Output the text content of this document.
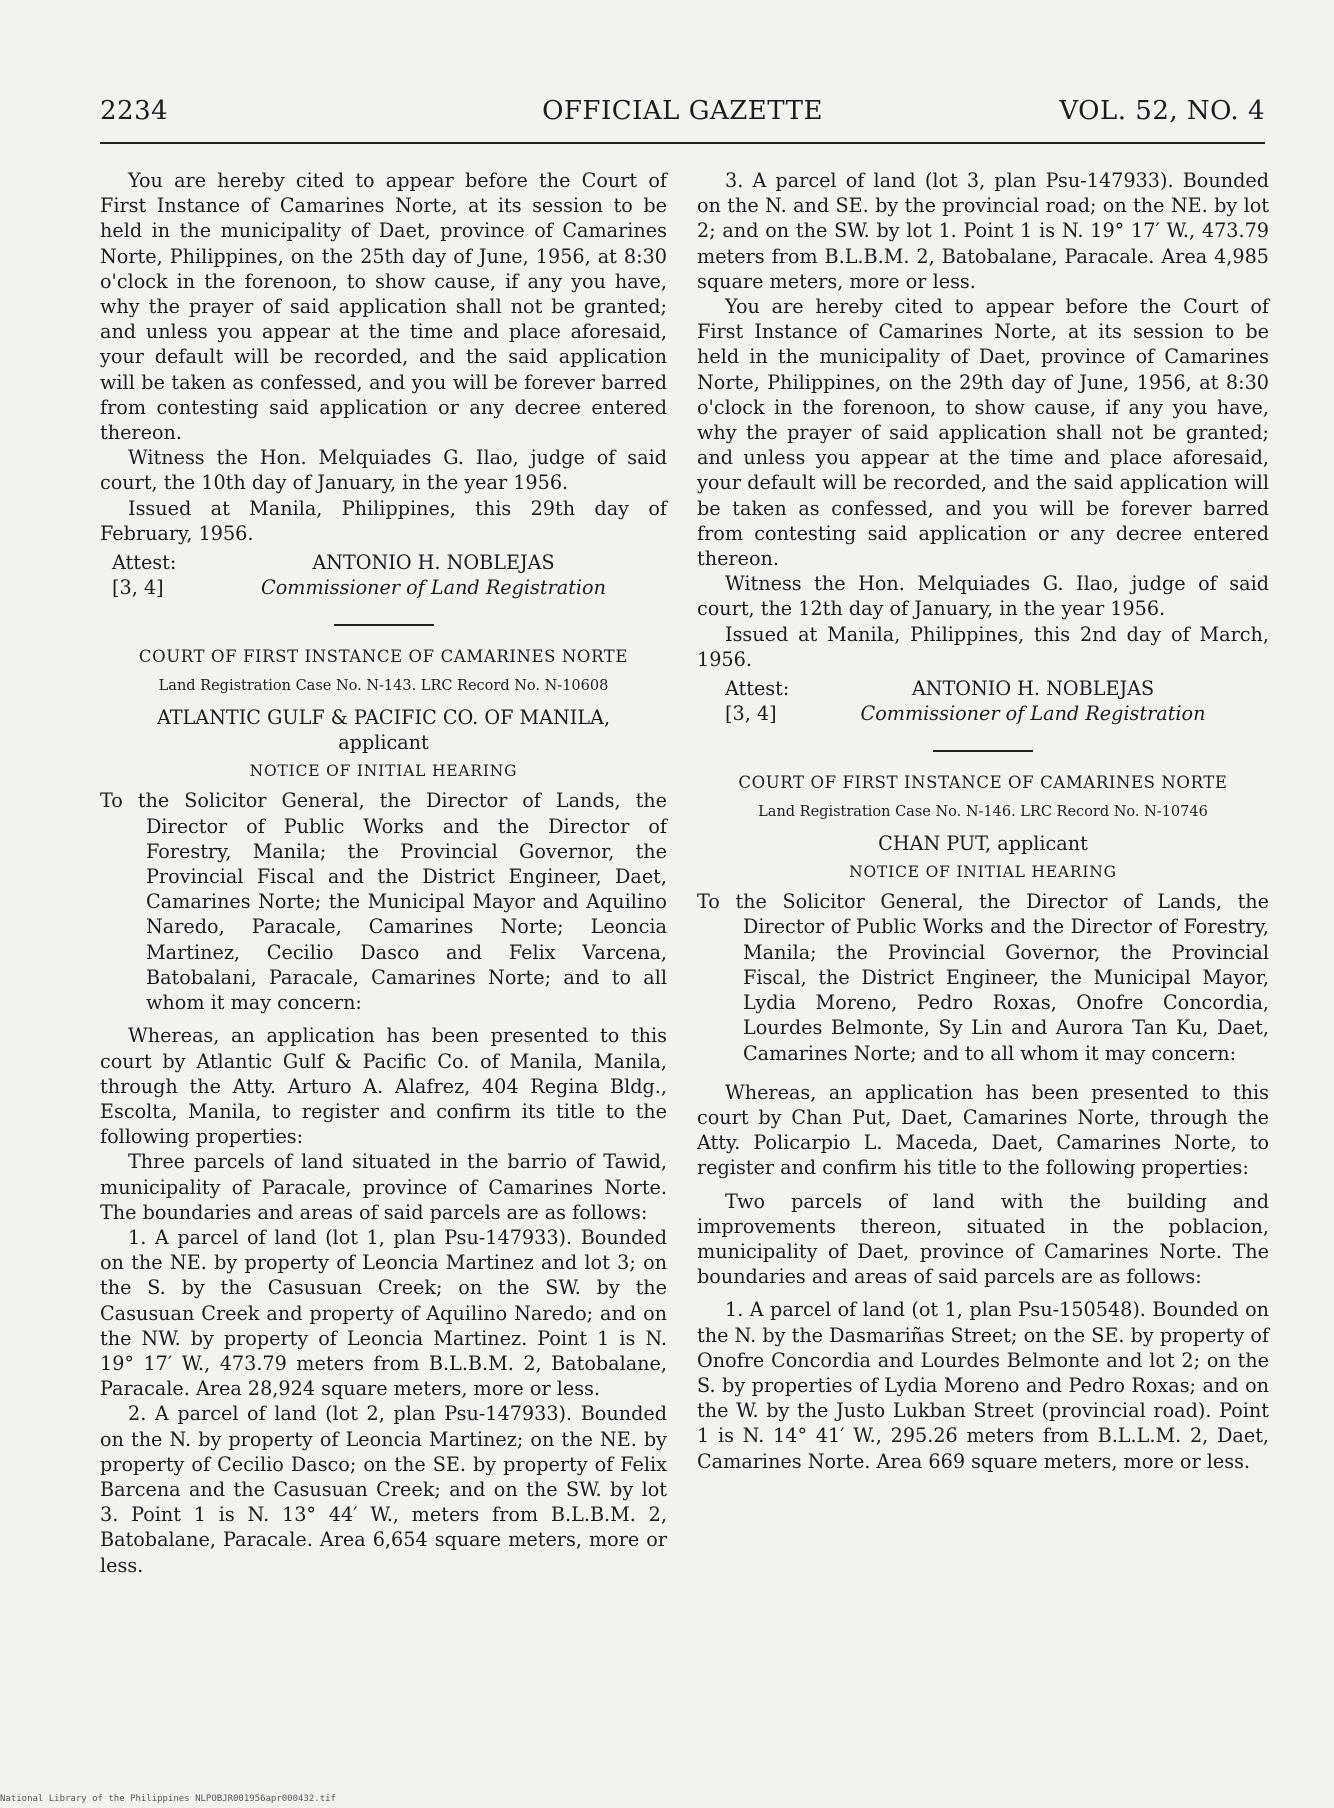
2234	OFFICIAL GAZETTE	VOL. 52, NO. 4

You are hereby cited to appear before the Court of First Instance of Camarines Norte, at its session to be held in the municipality of Daet, province of Camarines Norte, Philippines, on the 25th day of June, 1956, at 8:30 o'clock in the forenoon, to show cause, if any you have, why the prayer of said application shall not be granted; and unless you appear at the time and place aforesaid, your default will be recorded, and the said application will be taken as confessed, and you will be forever barred from contesting said application or any decree entered thereon.

Witness the Hon. Melquiades G. Ilao, judge of said court, the 10th day of January, in the year 1956.

Issued at Manila, Philippines, this 29th day of February, 1956.

Attest:	ANTONIO H. NOBLEJAS
[3, 4]	Commissioner of Land Registration
COURT OF FIRST INSTANCE OF CAMARINES NORTE
Land Registration Case No. N-143. LRC Record No. N-10608
ATLANTIC GULF & PACIFIC CO. OF MANILA,
applicant
NOTICE OF INITIAL HEARING

To the Solicitor General, the Director of Lands, the Director of Public Works and the Director of Forestry, Manila; the Provincial Governor, the Provincial Fiscal and the District Engineer, Daet, Camarines Norte; the Municipal Mayor and Aquilino Naredo, Paracale, Camarines Norte; Leoncia Martinez, Cecilio Dasco and Felix Varcena, Batobalani, Paracale, Camarines Norte; and to all whom it may concern:

Whereas, an application has been presented to this court by Atlantic Gulf & Pacific Co. of Manila, Manila, through the Atty. Arturo A. Alafrez, 404 Regina Bldg., Escolta, Manila, to register and confirm its title to the following properties:

Three parcels of land situated in the barrio of Tawid, municipality of Paracale, province of Camarines Norte. The boundaries and areas of said parcels are as follows:

1. A parcel of land (lot 1, plan Psu-147933). Bounded on the NE. by property of Leoncia Martinez and lot 3; on the S. by the Casusuan Creek; on the SW. by the Casusuan Creek and property of Aquilino Naredo; and on the NW. by property of Leoncia Martinez. Point 1 is N. 19° 17′ W., 473.79 meters from B.L.B.M. 2, Batobalane, Paracale. Area 28,924 square meters, more or less.

2. A parcel of land (lot 2, plan Psu-147933). Bounded on the N. by property of Leoncia Martinez; on the NE. by property of Cecilio Dasco; on the SE. by property of Felix Barcena and the Casusuan Creek; and on the SW. by lot 3. Point 1 is N. 13° 44′ W., meters from B.L.B.M. 2, Batobalane, Paracale. Area 6,654 square meters, more or less.

3. A parcel of land (lot 3, plan Psu-147933). Bounded on the N. and SE. by the provincial road; on the NE. by lot 2; and on the SW. by lot 1. Point 1 is N. 19° 17′ W., 473.79 meters from B.L.B.M. 2, Batobalane, Paracale. Area 4,985 square meters, more or less.

You are hereby cited to appear before the Court of First Instance of Camarines Norte, at its session to be held in the municipality of Daet, province of Camarines Norte, Philippines, on the 29th day of June, 1956, at 8:30 o'clock in the forenoon, to show cause, if any you have, why the prayer of said application shall not be granted; and unless you appear at the time and place aforesaid, your default will be recorded, and the said application will be taken as confessed, and you will be forever barred from contesting said application or any decree entered thereon.

Witness the Hon. Melquiades G. Ilao, judge of said court, the 12th day of January, in the year 1956.

Issued at Manila, Philippines, this 2nd day of March, 1956.

Attest:	ANTONIO H. NOBLEJAS
[3, 4]	Commissioner of Land Registration
COURT OF FIRST INSTANCE OF CAMARINES NORTE
Land Registration Case No. N-146. LRC Record No. N-10746
CHAN PUT, applicant
NOTICE OF INITIAL HEARING

To the Solicitor General, the Director of Lands, the Director of Public Works and the Director of Forestry, Manila; the Provincial Governor, the Provincial Fiscal, the District Engineer, the Municipal Mayor, Lydia Moreno, Pedro Roxas, Onofre Concordia, Lourdes Belmonte, Sy Lin and Aurora Tan Ku, Daet, Camarines Norte; and to all whom it may concern:

Whereas, an application has been presented to this court by Chan Put, Daet, Camarines Norte, through the Atty. Policarpio L. Maceda, Daet, Camarines Norte, to register and confirm his title to the following properties:

Two parcels of land with the building and improvements thereon, situated in the poblacion, municipality of Daet, province of Camarines Norte. The boundaries and areas of said parcels are as follows:

1. A parcel of land (ot 1, plan Psu-150548). Bounded on the N. by the Dasmariñas Street; on the SE. by property of Onofre Concordia and Lourdes Belmonte and lot 2; on the S. by properties of Lydia Moreno and Pedro Roxas; and on the W. by the Justo Lukban Street (provincial road). Point 1 is N. 14° 41′ W., 295.26 meters from B.L.L.M. 2, Daet, Camarines Norte. Area 669 square meters, more or less.

National Library of the Philippines NLPOBJR001956apr000432.tif
